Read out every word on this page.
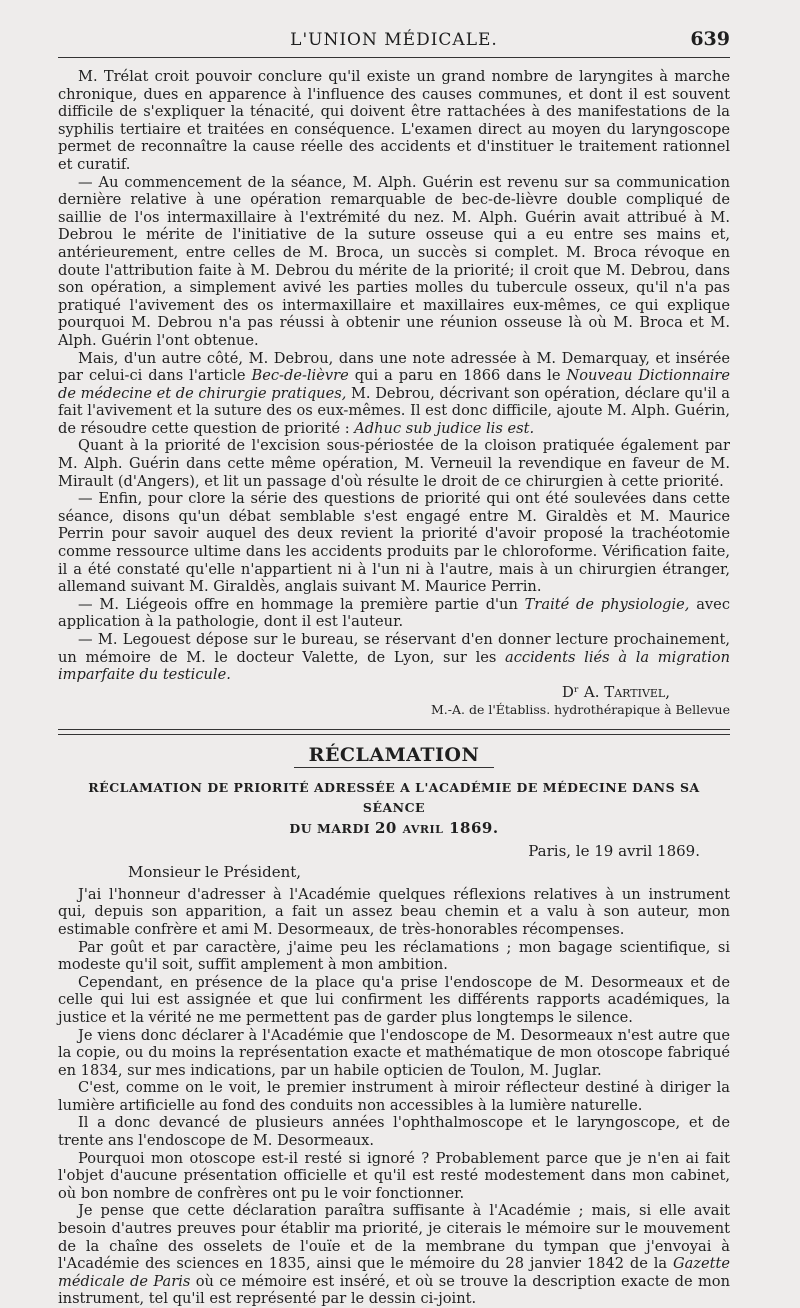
L'UNION MÉDICALE.	639

M. Trélat croit pouvoir conclure qu'il existe un grand nombre de laryngites à marche chronique, dues en apparence à l'influence des causes communes, et dont il est souvent difficile de s'expliquer la ténacité, qui doivent être rattachées à des manifestations de la syphilis tertiaire et traitées en conséquence. L'examen direct au moyen du laryngoscope permet de reconnaître la cause réelle des accidents et d'instituer le traitement rationnel et curatif.

— Au commencement de la séance, M. Alph. Guérin est revenu sur sa communication dernière relative à une opération remarquable de bec-de-lièvre double compliqué de saillie de l'os intermaxillaire à l'extrémité du nez. M. Alph. Guérin avait attribué à M. Debrou le mérite de l'initiative de la suture osseuse qui a eu entre ses mains et, antérieurement, entre celles de M. Broca, un succès si complet. M. Broca révoque en doute l'attribution faite à M. Debrou du mérite de la priorité; il croit que M. Debrou, dans son opération, a simplement avivé les parties molles du tubercule osseux, qu'il n'a pas pratiqué l'avivement des os intermaxillaire et maxillaires eux-mêmes, ce qui explique pourquoi M. Debrou n'a pas réussi à obtenir une réunion osseuse là où M. Broca et M. Alph. Guérin l'ont obtenue.

Mais, d'un autre côté, M. Debrou, dans une note adressée à M. Demarquay, et insérée par celui-ci dans l'article Bec-de-lièvre qui a paru en 1866 dans le Nouveau Dictionnaire de médecine et de chirurgie pratiques, M. Debrou, décrivant son opération, déclare qu'il a fait l'avivement et la suture des os eux-mêmes. Il est donc difficile, ajoute M. Alph. Guérin, de résoudre cette question de priorité : Adhuc sub judice lis est.

Quant à la priorité de l'excision sous-périostée de la cloison pratiquée également par M. Alph. Guérin dans cette même opération, M. Verneuil la revendique en faveur de M. Mirault (d'Angers), et lit un passage d'où résulte le droit de ce chirurgien à cette priorité.

— Enfin, pour clore la série des questions de priorité qui ont été soulevées dans cette séance, disons qu'un débat semblable s'est engagé entre M. Giraldès et M. Maurice Perrin pour savoir auquel des deux revient la priorité d'avoir proposé la trachéotomie comme ressource ultime dans les accidents produits par le chloroforme. Vérification faite, il a été constaté qu'elle n'appartient ni à l'un ni à l'autre, mais à un chirurgien étranger, allemand suivant M. Giraldès, anglais suivant M. Maurice Perrin.

— M. Liégeois offre en hommage la première partie d'un Traité de physiologie, avec application à la pathologie, dont il est l'auteur.

— M. Legouest dépose sur le bureau, se réservant d'en donner lecture prochainement, un mémoire de M. le docteur Valette, de Lyon, sur les accidents liés à la migration imparfaite du testicule.

Dʳ A. Tartivel,

M.-A. de l'Établiss. hydrothérapique à Bellevue

RÉCLAMATION
RÉCLAMATION DE PRIORITÉ ADRESSÉE A L'ACADÉMIE DE MÉDECINE DANS SA SÉANCE
DU MARDI 20 avril 1869.
Paris, le 19 avril 1869.
Monsieur le Président,

J'ai l'honneur d'adresser à l'Académie quelques réflexions relatives à un instrument qui, depuis son apparition, a fait un assez beau chemin et a valu à son auteur, mon estimable confrère et ami M. Desormeaux, de très-honorables récompenses.

Par goût et par caractère, j'aime peu les réclamations ; mon bagage scientifique, si modeste qu'il soit, suffit amplement à mon ambition.

Cependant, en présence de la place qu'a prise l'endoscope de M. Desormeaux et de celle qui lui est assignée et que lui confirment les différents rapports académiques, la justice et la vérité ne me permettent pas de garder plus longtemps le silence.

Je viens donc déclarer à l'Académie que l'endoscope de M. Desormeaux n'est autre que la copie, ou du moins la représentation exacte et mathématique de mon otoscope fabriqué en 1834, sur mes indications, par un habile opticien de Toulon, M. Juglar.

C'est, comme on le voit, le premier instrument à miroir réflecteur destiné à diriger la lumière artificielle au fond des conduits non accessibles à la lumière naturelle.

Il a donc devancé de plusieurs années l'ophthalmoscope et le laryngoscope, et de trente ans l'endoscope de M. Desormeaux.

Pourquoi mon otoscope est-il resté si ignoré ? Probablement parce que je n'en ai fait l'objet d'aucune présentation officielle et qu'il est resté modestement dans mon cabinet, où bon nombre de confrères ont pu le voir fonctionner.

Je pense que cette déclaration paraîtra suffisante à l'Académie ; mais, si elle avait besoin d'autres preuves pour établir ma priorité, je citerais le mémoire sur le mouvement de la chaîne des osselets de l'ouïe et de la membrane du tympan que j'envoyai à l'Académie des sciences en 1835, ainsi que le mémoire du 28 janvier 1842 de la Gazette médicale de Paris où ce mémoire est inséré, et où se trouve la description exacte de mon instrument, tel qu'il est représenté par le dessin ci-joint.
